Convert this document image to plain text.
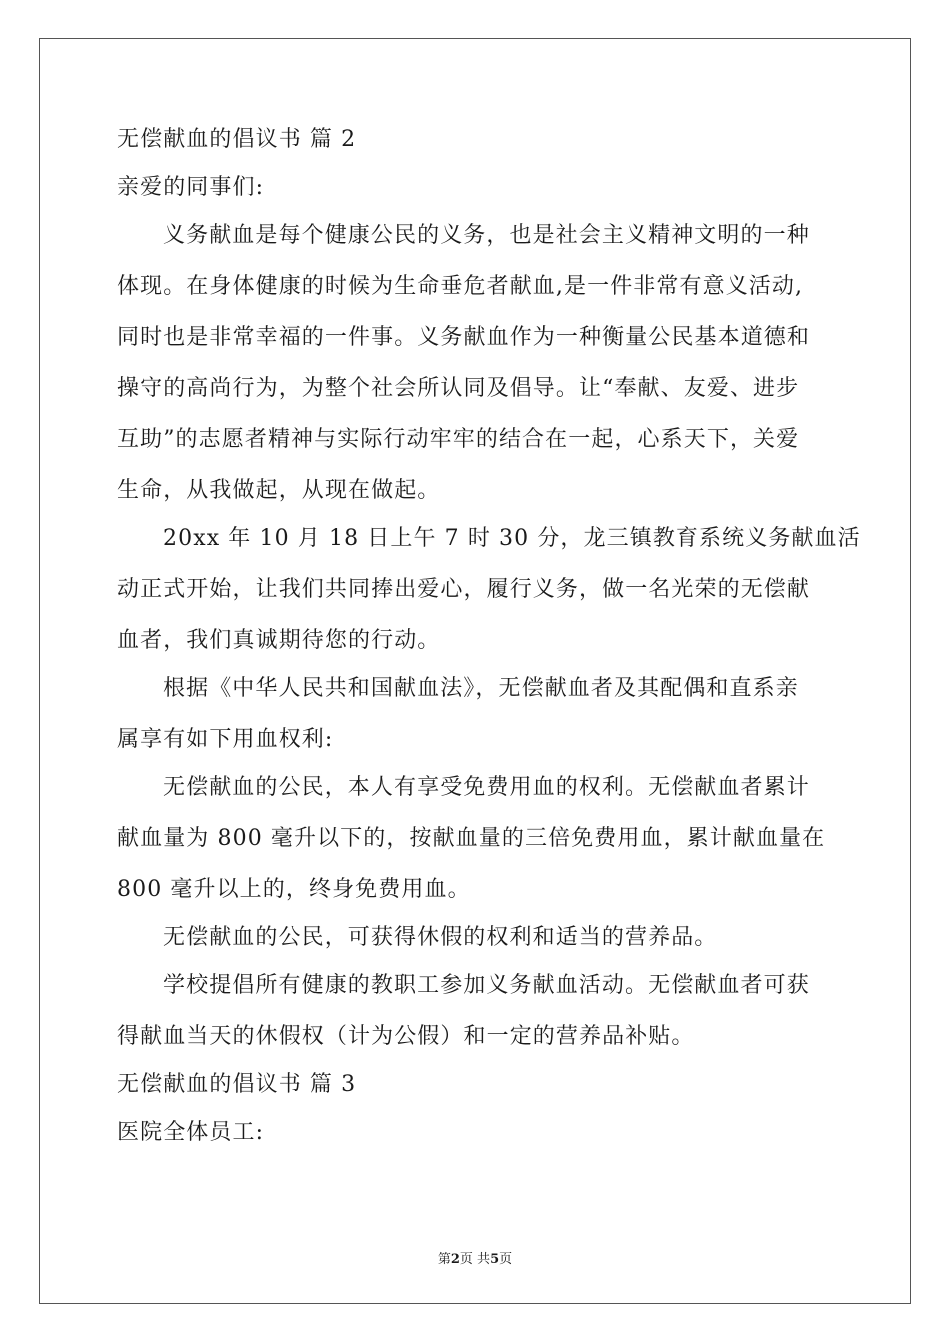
无偿献血的倡议书 篇 2
亲爱的同事们:
义务献血是每个健康公民的义务，也是社会主义精神文明的一种
体现。在身体健康的时候为生命垂危者献血,是一件非常有意义活动,
同时也是非常幸福的一件事。义务献血作为一种衡量公民基本道德和
操守的高尚行为，为整个社会所认同及倡导。让“奉献、友爱、进步
互助”的志愿者精神与实际行动牢牢的结合在一起，心系天下，关爱
生命，从我做起，从现在做起。
20xx 年 10 月 18 日上午 7 时 30 分，龙三镇教育系统义务献血活
动正式开始，让我们共同捧出爱心，履行义务，做一名光荣的无偿献
血者，我们真诚期待您的行动。
根据《中华人民共和国献血法》，无偿献血者及其配偶和直系亲
属享有如下用血权利:
无偿献血的公民，本人有享受免费用血的权利。无偿献血者累计
献血量为 800 毫升以下的，按献血量的三倍免费用血，累计献血量在
800 毫升以上的，终身免费用血。
无偿献血的公民，可获得休假的权利和适当的营养品。
学校提倡所有健康的教职工参加义务献血活动。无偿献血者可获
得献血当天的休假权（计为公假）和一定的营养品补贴。
无偿献血的倡议书 篇 3
医院全体员工:
第2页 共5页
